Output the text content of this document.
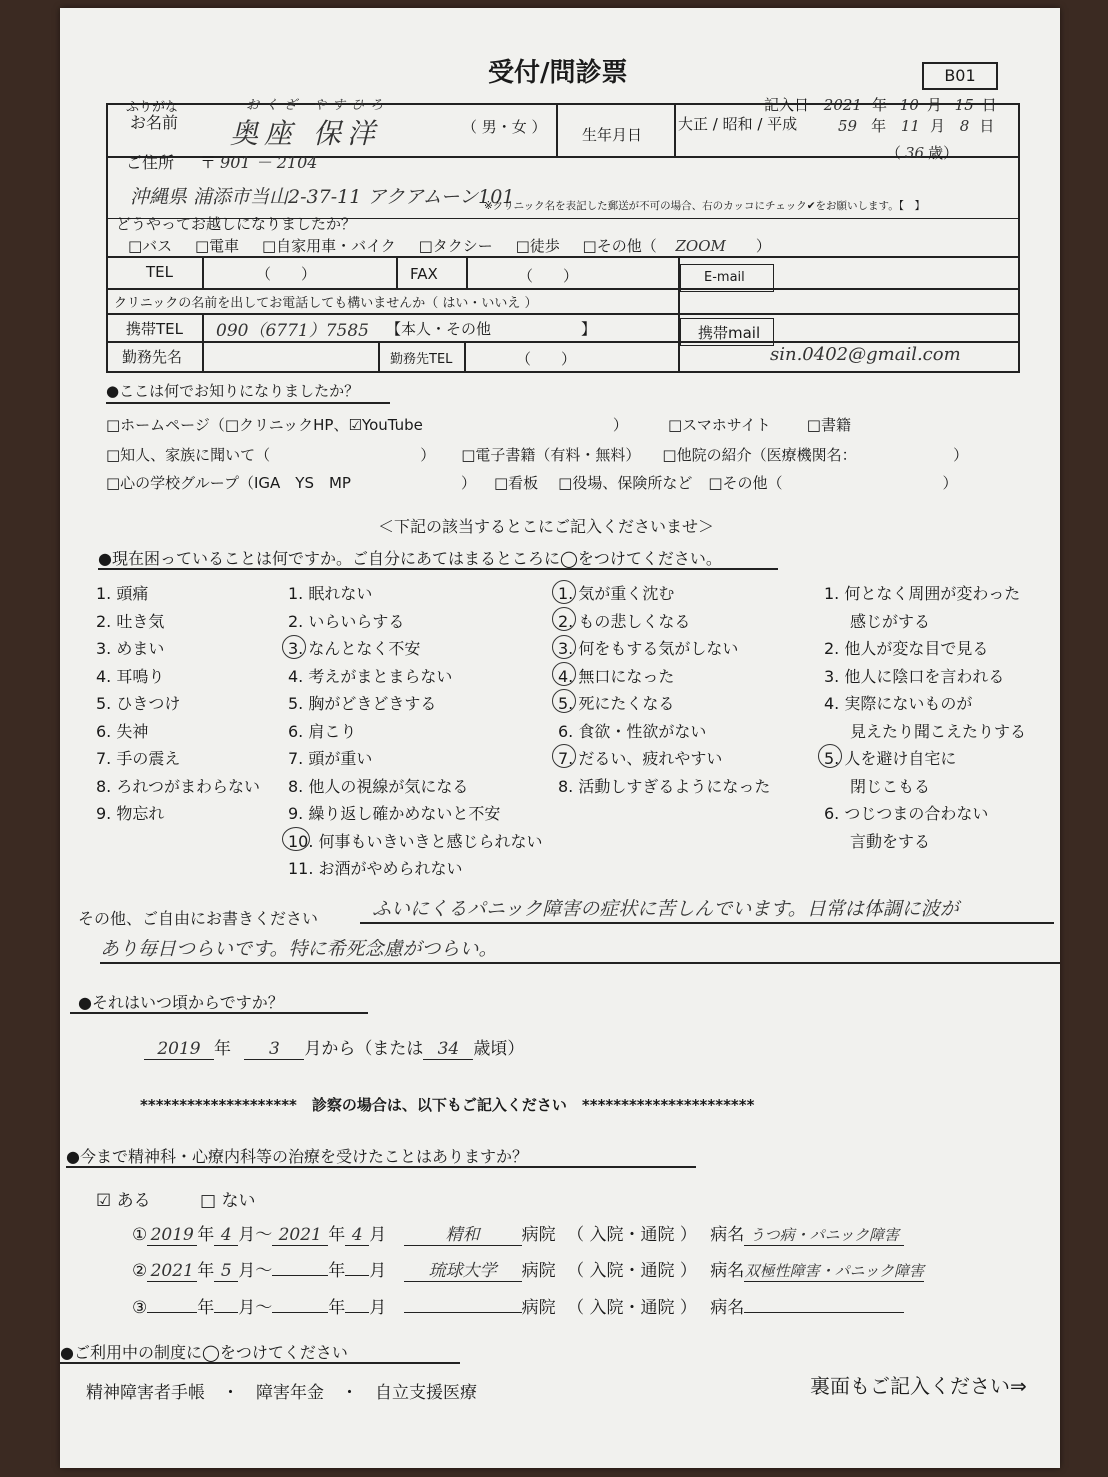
受付/問診票	B01
記入日 2021 年 10 月 15 日
ふりがな	おくざ やすひろ
お名前 奥座 保洋	（ 男・女 ） 生年月日
大正 / 昭和 / 平成	59 年 11 月 8 日
（ 36 歳）
ご住所 〒 901 － 2104
沖縄県 浦添市当山2-37-11 アクアムーン101
※クリニック名を表記した郵送が不可の場合、右のカッコにチェック✔をお願いします。【　】
どうやってお越しになりましたか？
□バス □電車 □自家用車・バイク □タクシー □徒歩 □その他（ ZOOM ）
TEL	（　　）	FAX	（　　）	E-mail
クリニックの名前を出してお電話しても構いませんか（ はい・いいえ ）
携帯TEL 090（6771）7585 【本人・その他　　　　　　】	携帯mail
sin.0402@gmail.com
勤務先名	勤務先TEL	（　　）
●ここは何でお知りになりましたか？
□ホームページ（□クリニックHP、☑YouTube	）	□スマホサイト □書籍
□知人、家族に聞いて（	） □電子書籍（有料・無料） □他院の紹介（医療機関名：	）
□心の学校グループ（IGA　YS　MP	） □看板 □役場、保険所など □その他（	）
＜下記の該当するとこにご記入くださいませ＞
●現在困っていることは何ですか。ご自分にあてはまるところに◯をつけてください。
1. 頭痛
2. 吐き気
3. めまい
4. 耳鳴り
5. ひきつけ
6. 失神
7. 手の震え
8. ろれつがまわらない
9. 物忘れ
1. 眠れない
2. いらいらする
3. なんとなく不安
4. 考えがまとまらない
5. 胸がどきどきする
6. 肩こり
7. 頭が重い
8. 他人の視線が気になる
9. 繰り返し確かめないと不安
10. 何事もいきいきと感じられない
11. お酒がやめられない
1. 気が重く沈む
2. もの悲しくなる
3. 何をもする気がしない
4. 無口になった
5. 死にたくなる
6. 食欲・性欲がない
7. だるい、疲れやすい
8. 活動しすぎるようになった
1. 何となく周囲が変わった
感じがする
2. 他人が変な目で見る
3. 他人に陰口を言われる
4. 実際にないものが
見えたり聞こえたりする
5. 人を避け自宅に
閉じこもる
6. つじつまの合わない
言動をする
その他、ご自由にお書きください	ふいにくるパニック障害の症状に苦しんでいます。日常は体調に波が
あり毎日つらいです。特に希死念慮がつらい。
●それはいつ頃からですか？
2019 年 3 月から（または 34 歳頃）
********************　診察の場合は、以下もご記入ください　**********************
●今まで精神科・心療内科等の治療を受けたことはありますか？
☑ ある	□ ない
① 2019 年 4 月～ 2021 年 4 月	精和 病院 （ 入院・通院 ） 病名 うつ病・パニック障害
② 2021 年 5 月～	年 月 琉球大学 病院 （ 入院・通院 ） 病名双極性障害・パニック障害
③	年 月～	年 月	病院 （ 入院・通院 ） 病名
●ご利用中の制度に◯をつけてください
精神障害者手帳　・　障害年金　・　自立支援医療	裏面もご記入ください⇒
